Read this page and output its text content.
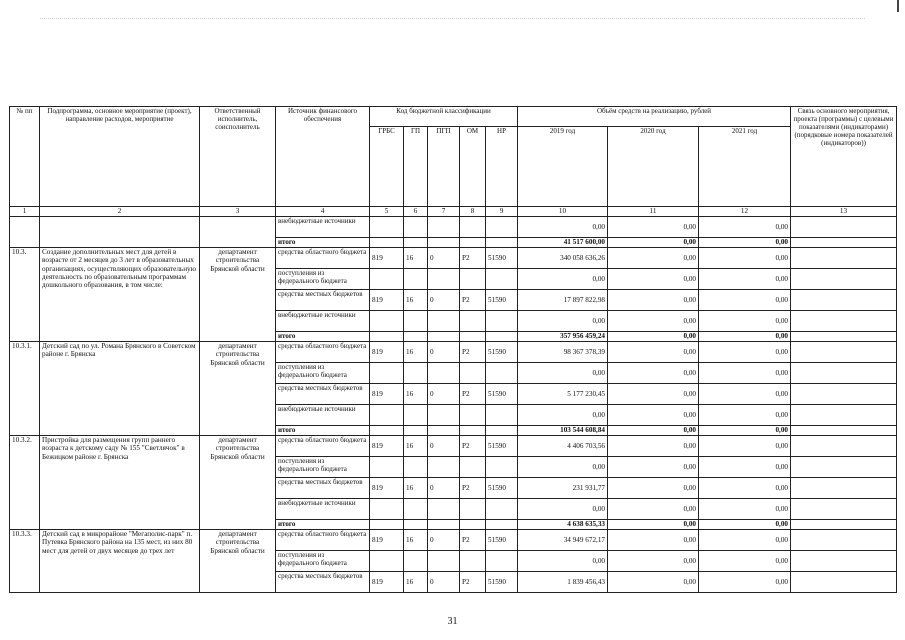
№ пп	Подпрограмма, основное мероприятие (проект), направление расходов, мероприятие	Ответственный исполнитель, соисполнитель	Источник финансового обеспечения	Код бюджетной классификации					Объём средств на реализацию, рублей			Связь основного мероприятия, проекта (программы) с целевыми показателями (индикаторами) (порядковые номера показателей (индикаторов))
				ГРБС	ГП	ПГП	ОМ	НР	2019 год	2020 год	2021 год	
1	2	3	4	5	6	7	8	9	10	11	12	13
			внебюджетные источники						0,00	0,00	0,00	
			итого						41 517 600,00	0,00	0,00	
10.3.	Создание дополнительных мест для детей в возрасте от 2 месяцев до 3 лет в образовательных организациях, осуществляющих образовательную деятельность по образовательным программам дошкольного образования, в том числе:	департамент строительства Брянской области	средства областного бюджета	819	16	0	P2	51590	340 058 636,26	0,00	0,00	
			поступления из федерального бюджета						0,00	0,00	0,00	
			средства местных бюджетов	819	16	0	P2	51590	17 897 822,98	0,00	0,00	
			внебюджетные источники						0,00	0,00	0,00	
			итого						357 956 459,24	0,00	0,00	
10.3.1.	Детский сад по ул. Романа Брянского в Советском районе г. Брянска	департамент строительства Брянской области	средства областного бюджета	819	16	0	P2	51590	98 367 378,39	0,00	0,00	
			поступления из федерального бюджета						0,00	0,00	0,00	
			средства местных бюджетов	819	16	0	P2	51590	5 177 230,45	0,00	0,00	
			внебюджетные источники						0,00	0,00	0,00	
			итого						103 544 608,84	0,00	0,00	
10.3.2.	Пристройка для размещения групп раннего возраста к детскому саду № 155 "Светлячок" в Бежицком районе г. Брянска	департамент строительства Брянской области	средства областного бюджета	819	16	0	P2	51590	4 406 703,56	0,00	0,00	
			поступления из федерального бюджета						0,00	0,00	0,00	
			средства местных бюджетов	819	16	0	P2	51590	231 931,77	0,00	0,00	
			внебюджетные источники						0,00	0,00	0,00	
			итого						4 638 635,33	0,00	0,00	
10.3.3.	Детский сад в микрорайоне "Мегаполис-парк" п. Путевка Брянского района на 135 мест, из них 80 мест для детей от двух месяцев до трех лет	департамент строительства Брянской области	средства областного бюджета	819	16	0	P2	51590	34 949 672,17	0,00	0,00	
			поступления из федерального бюджета						0,00	0,00	0,00	
			средства местных бюджетов	819	16	0	P2	51590	1 839 456,43	0,00	0,00	
31
